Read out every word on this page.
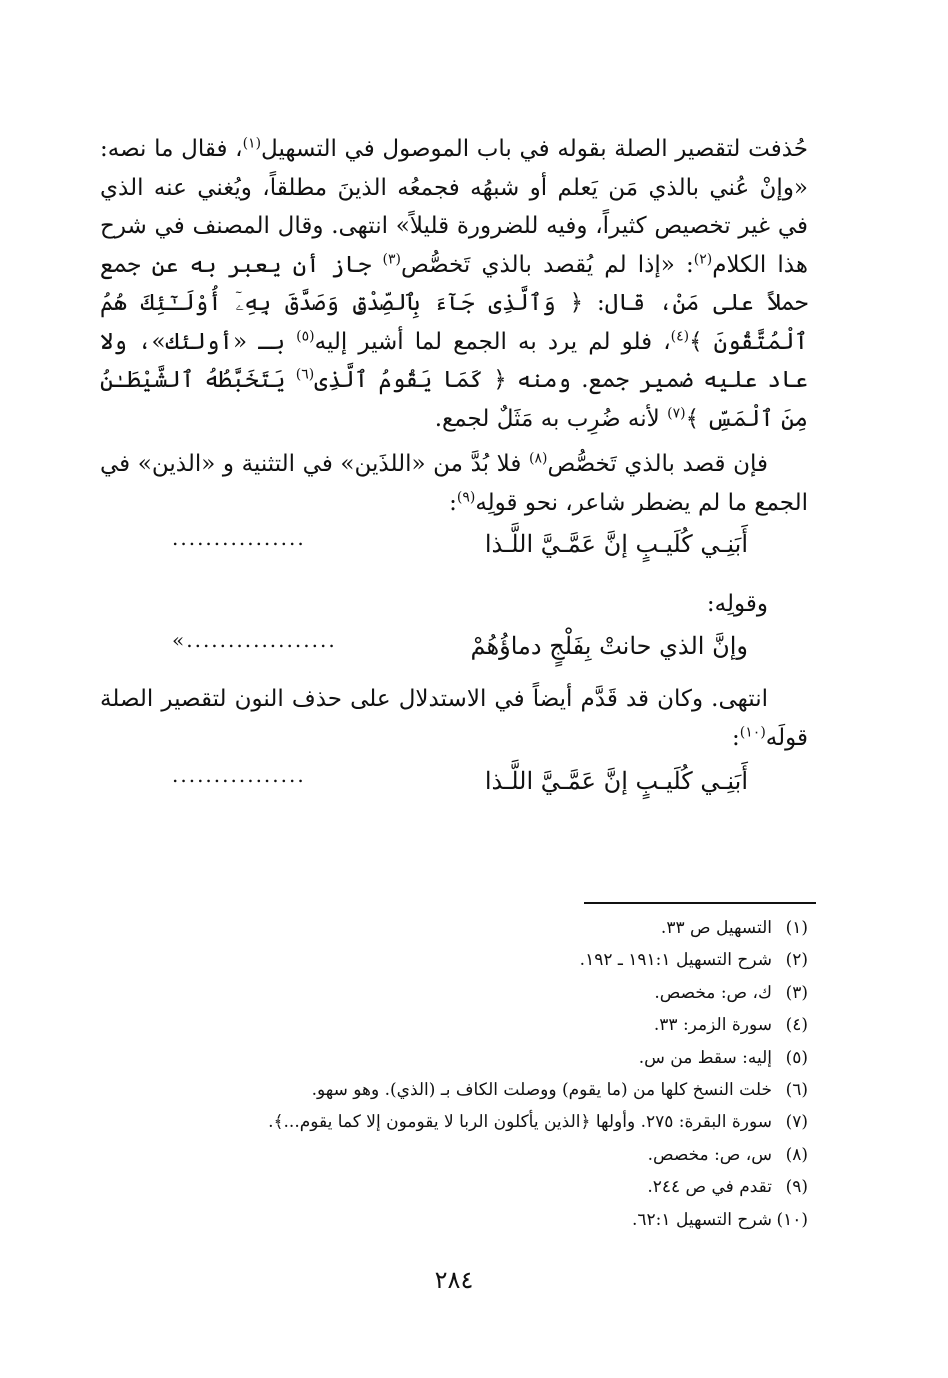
حُذفت لتقصير الصلة بقوله في باب الموصول في التسهيل$^{(١)}$، فقال ما نصه: «وإنْ عُني بالذي مَن يَعلم أو شبهُه فجمعُه الذينَ مطلقاً، ويُغني عنه الذي في غير تخصيص كثيراً، وفيه للضرورة قليلاً» انتهى. وقال المصنف في شرح هذا الكلام$^{(٢)}$: «إذا لم يُقصد بالذي تَخصُّص$^{(٣)}$ جاز أن يعبر به عن جمع حملاً على مَنْ، قال: ﴿ وَٱلَّذِى جَآءَ بِٱلصِّدْقِ وَصَدَّقَ بِهِۦٓ أُوْلَـٰٓئِكَ هُمُ ٱلْمُتَّقُونَ ﴾$^{(٤)}$، فلو لم يرد به الجمع لما أشير إليه$^{(٥)}$ بـ «أولئك»، ولا عاد عليه ضمير جمع. ومنه ﴿ كَمَا يَقُومُ ٱلَّذِى$^{(٦)}$ يَتَخَبَّطُهُ ٱلشَّيْطَـٰنُ مِنَ ٱلْمَسِّ ﴾$^{(٧)}$ لأنه ضُرِب به مَثَلٌ لجمع.

فإن قصد بالذي تَخصُّص$^{(٨)}$ فلا بُدَّ من «اللذَين» في التثنية و «الذين» في الجمع ما لم يضطر شاعر، نحو قولِه$^{(٩)}$:

أَبَنِـي كُلَيـبٍ إنَّ عَمَّـيَّ اللَّـذا
................

وقولِه:

وإنَّ الذي حانتْ بِفَلْجٍ دماؤُهُمْ
..................»

انتهى. وكان قد قَدَّم أيضاً في الاستدلال على حذف النون لتقصير الصلة قولَه$^{(١٠)}$:

أَبَنِـي كُلَيـبٍ إنَّ عَمَّـيَّ اللَّـذا
................
(١)التسهيل ص ٣٣.
(٢)شرح التسهيل ١٩١:١ ـ ١٩٢.
(٣)ك، ص: مخصص.
(٤)سورة الزمر: ٣٣.
(٥)إليه: سقط من س.
(٦)خلت النسخ كلها من (ما يقوم) ووصلت الكاف بـ (الذي). وهو سهو.
(٧)سورة البقرة: ٢٧٥. وأولها ﴿الذين يأكلون الربا لا يقومون إلا كما يقوم...﴾.
(٨)س، ص: مخصص.
(٩)تقدم في ص ٢٤٤.
(١٠)شرح التسهيل ٦٢:١.
٢٨٤
